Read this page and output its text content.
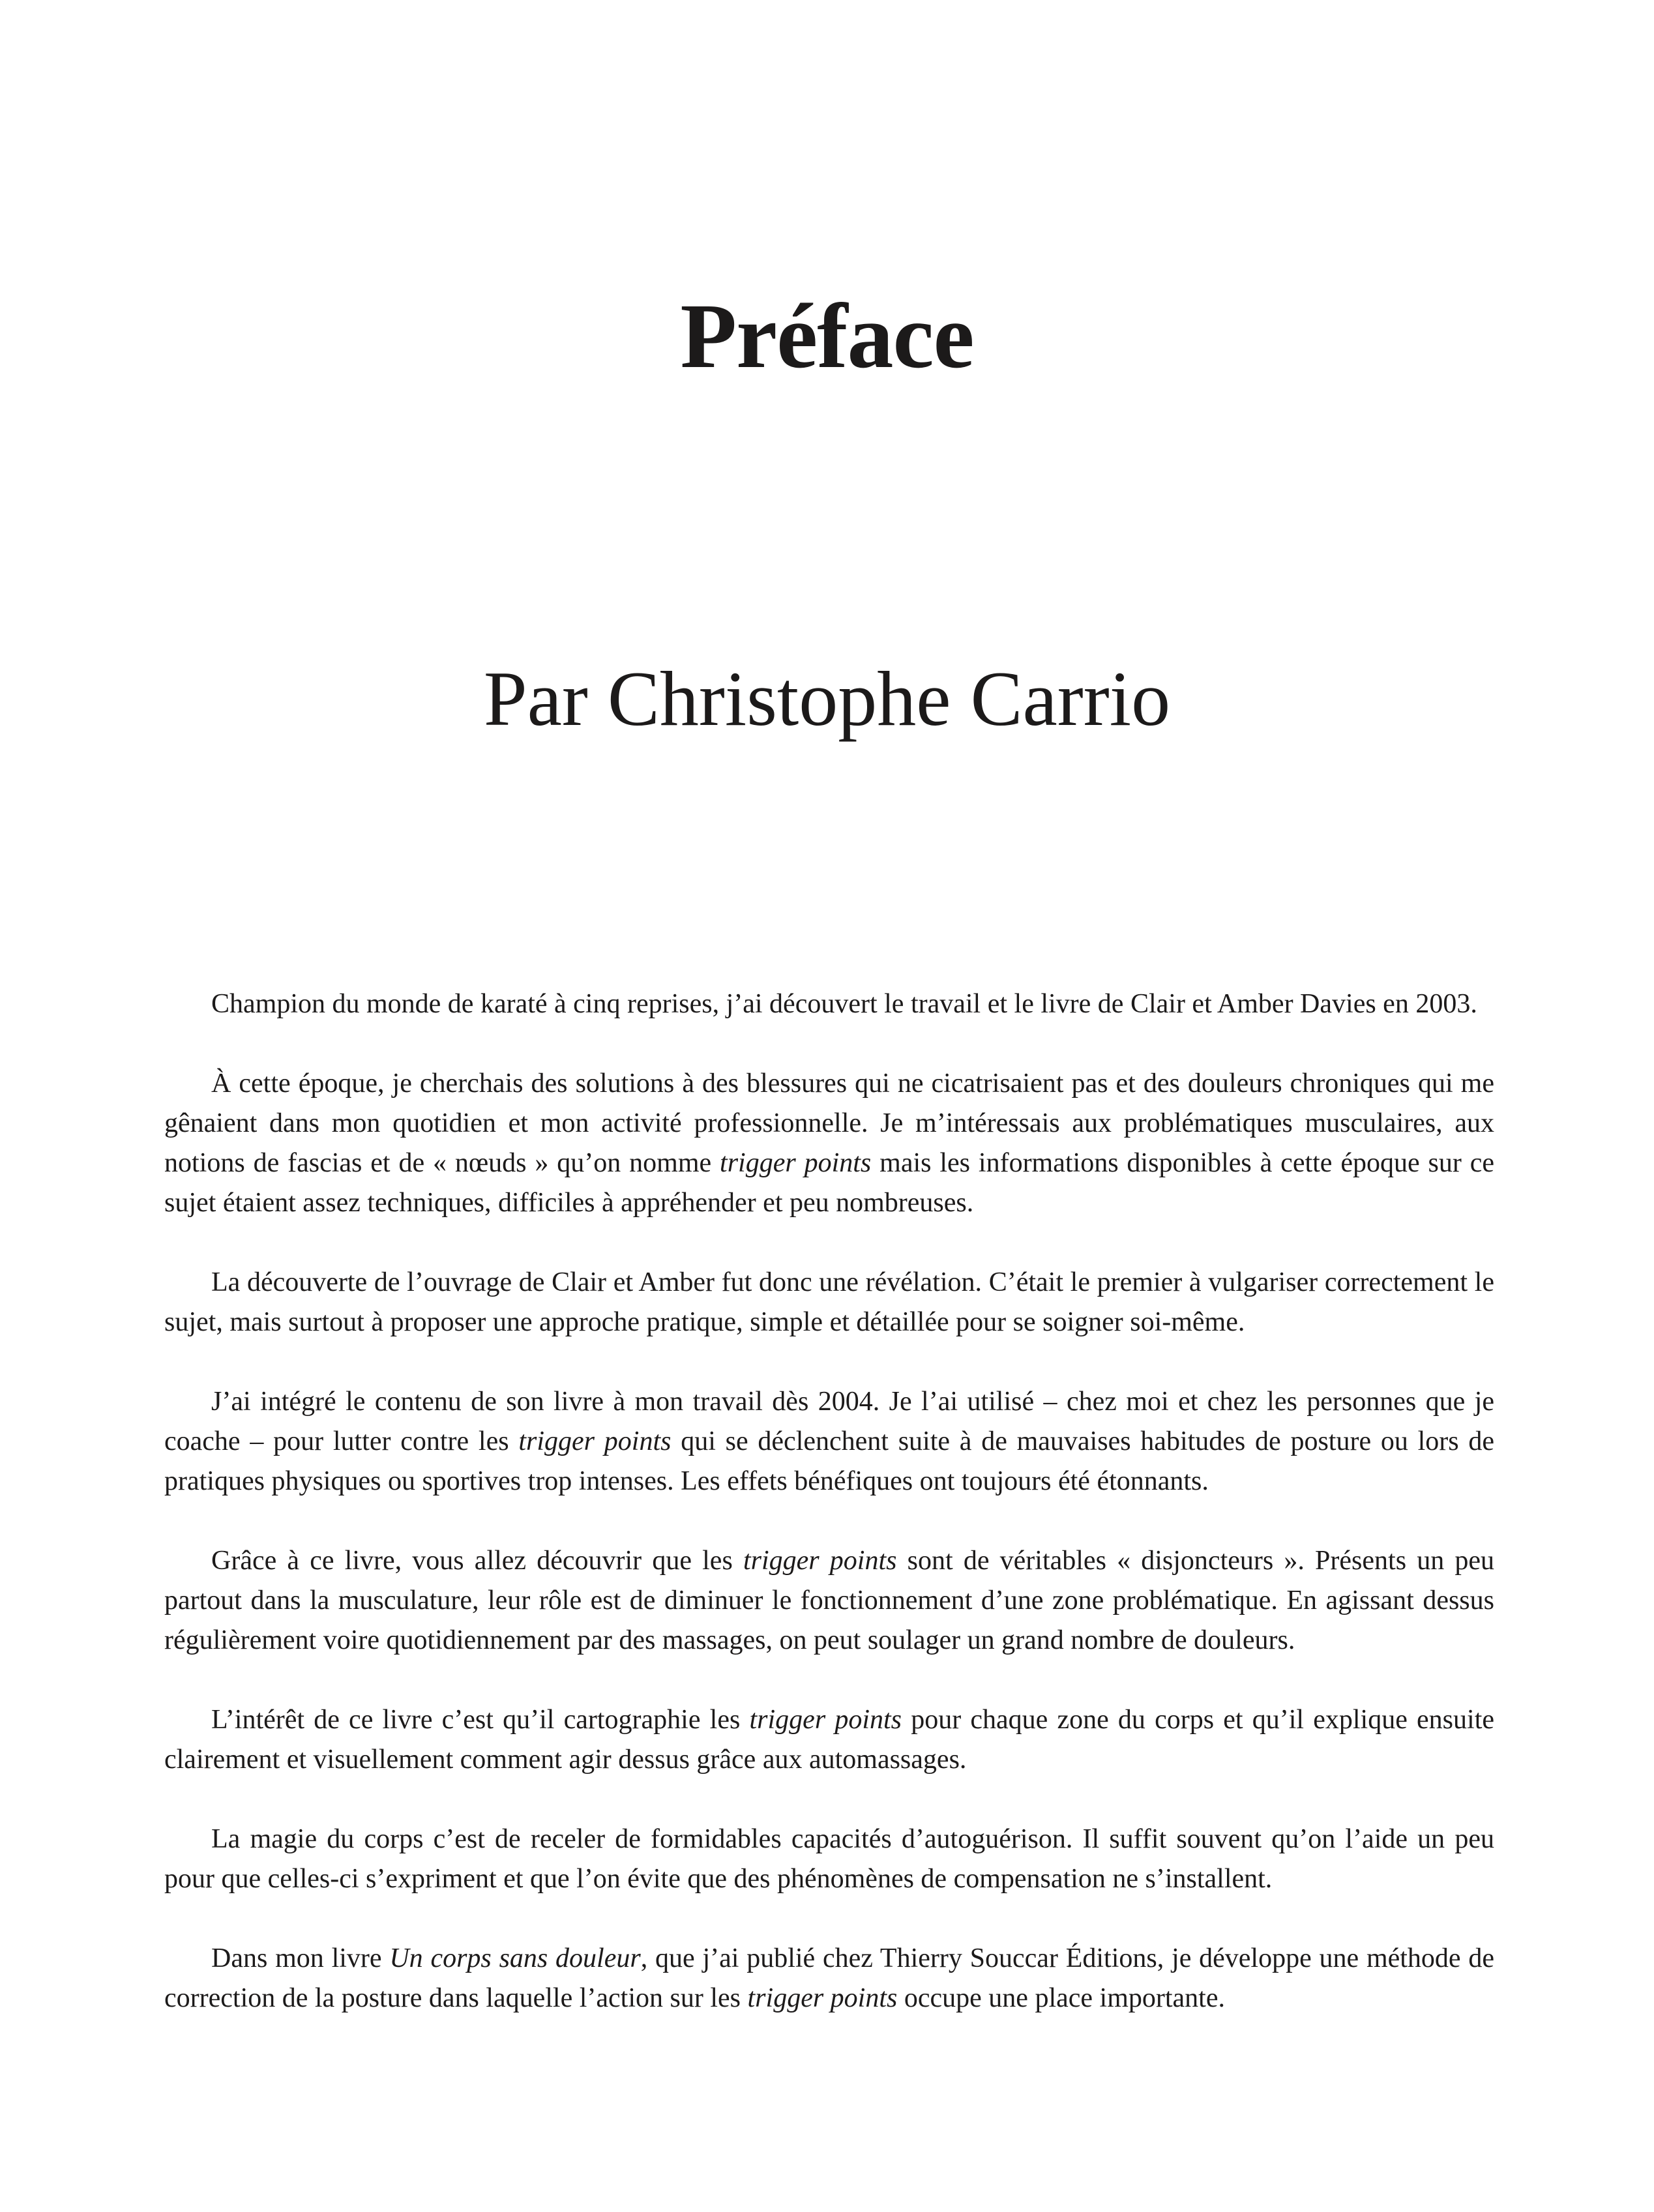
Préface
Par Christophe Carrio

Champion du monde de karaté à cinq reprises, j’ai découvert le travail et le livre de Clair et Amber Davies en 2003.

À cette époque, je cherchais des solutions à des blessures qui ne cicatrisaient pas et des douleurs chroniques qui me gênaient dans mon quotidien et mon activité professionnelle. Je m’intéressais aux problématiques musculaires, aux notions de fascias et de « nœuds » qu’on nomme trigger points mais les informations disponibles à cette époque sur ce sujet étaient assez techniques, difficiles à appréhender et peu nombreuses.

La découverte de l’ouvrage de Clair et Amber fut donc une révélation. C’était le premier à vulgariser correctement le sujet, mais surtout à proposer une approche pratique, simple et détaillée pour se soigner soi-même.

J’ai intégré le contenu de son livre à mon travail dès 2004. Je l’ai utilisé – chez moi et chez les personnes que je coache – pour lutter contre les trigger points qui se déclenchent suite à de mauvaises habitudes de posture ou lors de pratiques physiques ou sportives trop intenses. Les effets bénéfiques ont toujours été étonnants.

Grâce à ce livre, vous allez découvrir que les trigger points sont de véritables « disjoncteurs ». Présents un peu partout dans la musculature, leur rôle est de diminuer le fonctionnement d’une zone problématique. En agissant dessus régulièrement voire quotidiennement par des massages, on peut soulager un grand nombre de douleurs.

L’intérêt de ce livre c’est qu’il cartographie les trigger points pour chaque zone du corps et qu’il explique ensuite clairement et visuellement comment agir dessus grâce aux automassages.

La magie du corps c’est de receler de formidables capacités d’autoguérison. Il suffit souvent qu’on l’aide un peu pour que celles-ci s’expriment et que l’on évite que des phénomènes de compensation ne s’installent.

Dans mon livre Un corps sans douleur, que j’ai publié chez Thierry Souccar Éditions, je développe une méthode de correction de la posture dans laquelle l’action sur les trigger points occupe une place importante.
